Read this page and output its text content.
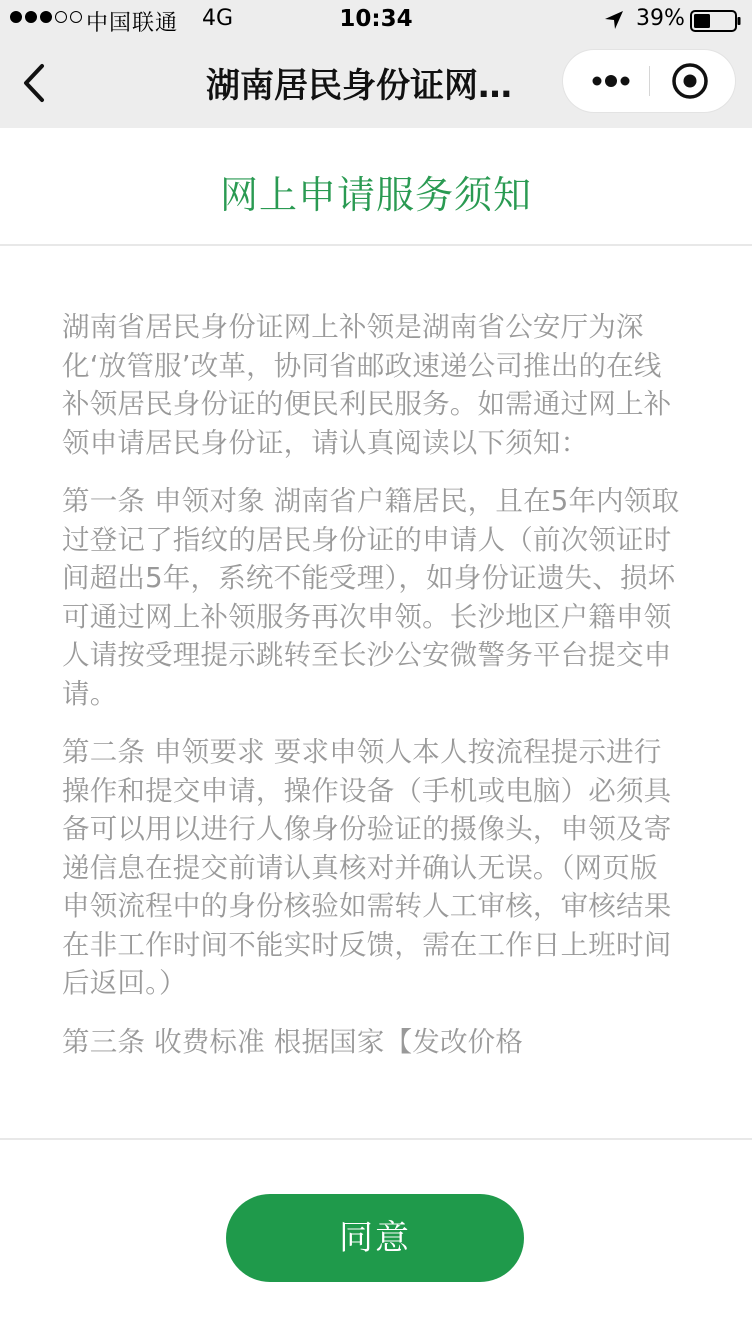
中国联通 4G	10:34	39%
湖南居民身份证网…
网上申请服务须知

湖南省居民身份证网上补领是湖南省公安厅为深化‘放管服’改革，协同省邮政速递公司推出的在线补领居民身份证的便民利民服务。如需通过网上补领申请居民身份证，请认真阅读以下须知：

第一条 申领对象 湖南省户籍居民，且在5年内领取过登记了指纹的居民身份证的申请人（前次领证时间超出5年，系统不能受理），如身份证遗失、损坏可通过网上补领服务再次申领。长沙地区户籍申领人请按受理提示跳转至长沙公安微警务平台提交申请。

第二条 申领要求 要求申领人本人按流程提示进行操作和提交申请，操作设备（手机或电脑）必须具备可以用以进行人像身份验证的摄像头，申领及寄递信息在提交前请认真核对并确认无误。（网页版申领流程中的身份核验如需转人工审核，审核结果在非工作时间不能实时反馈，需在工作日上班时间后返回。）

第三条 收费标准 根据国家【发改价格

同意
